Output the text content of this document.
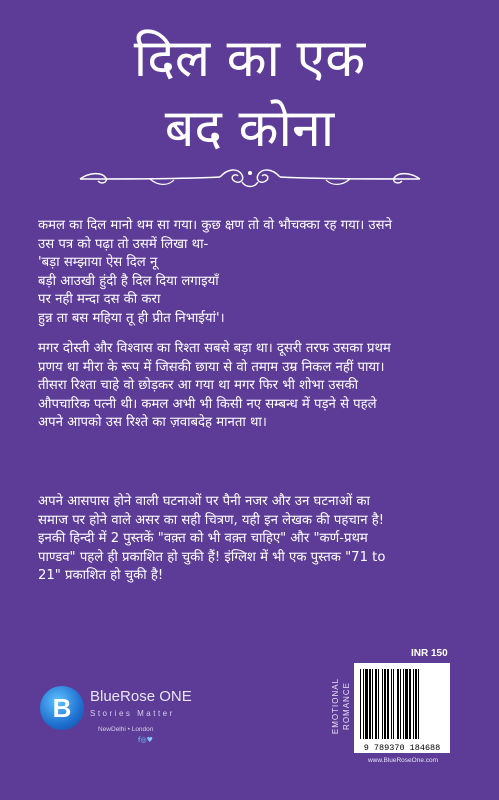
दिल का एक
बद कोना

कमल का दिल मानो थम सा गया। कुछ क्षण तो वो भौचक्का रह गया। उसने
उस पत्र को पढ़ा तो उसमें लिखा था-
'बड़ा सम्झाया ऐस दिल नू
बड़ी आउखी हुंदी है दिल दिया लगाइयाँ
पर नही मन्दा दस की करा
हुन्न ता बस महिया तू ही प्रीत निभाईयां'।

मगर दोस्ती और विश्वास का रिश्ता सबसे बड़ा था। दूसरी तरफ उसका प्रथम
प्रणय था मीरा के रूप में जिसकी छाया से वो तमाम उम्र निकल नहीं पाया।
तीसरा रिश्ता चाहे वो छोड़कर आ गया था मगर फिर भी शोभा उसकी
औपचारिक पत्नी थी। कमल अभी भी किसी नए सम्बन्ध में पड़ने से पहले
अपने आपको उस रिश्ते का ज़वाबदेह मानता था।

अपने आसपास होने वाली घटनाओं पर पैनी नजर और उन घटनाओं का
समाज पर होने वाले असर का सही चित्रण, यही इन लेखक की पहचान है!
इनकी हिन्दी में 2 पुस्तकें "वक़्त को भी वक़्त चाहिए" और "कर्ण-प्रथम
पाण्डव" पहले ही प्रकाशित हो चुकी हैं! इंग्लिश में भी एक पुस्तक "71 to
21" प्रकाशित हो चुकी है!

B	BlueRose ONE
Stories Matter
NewDelhi • London
f◎♥
INR 150
EMOTIONAL ROMANCE
9 789370 184688
www.BlueRoseOne.com
